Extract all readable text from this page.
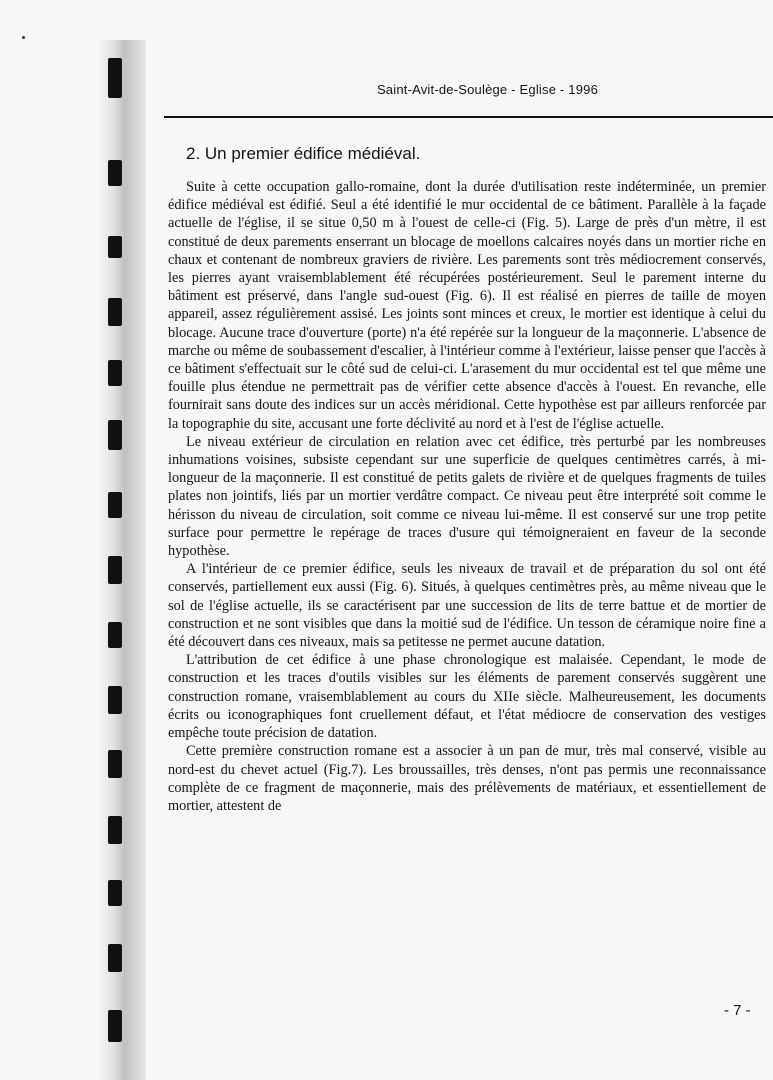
Saint-Avit-de-Soulège - Eglise - 1996
2. Un premier édifice médiéval.

Suite à cette occupation gallo-romaine, dont la durée d'utilisation reste indéterminée, un premier édifice médiéval est édifié. Seul a été identifié le mur occidental de ce bâtiment. Parallèle à la façade actuelle de l'église, il se situe 0,50 m à l'ouest de celle-ci (Fig. 5). Large de près d'un mètre, il est constitué de deux parements enserrant un blocage de moellons calcaires noyés dans un mortier riche en chaux et contenant de nombreux graviers de rivière. Les parements sont très médiocrement conservés, les pierres ayant vraisemblablement été récupérées postérieurement. Seul le parement interne du bâtiment est préservé, dans l'angle sud-ouest (Fig. 6). Il est réalisé en pierres de taille de moyen appareil, assez régulièrement assisé. Les joints sont minces et creux, le mortier est identique à celui du blocage. Aucune trace d'ouverture (porte) n'a été repérée sur la longueur de la maçonnerie. L'absence de marche ou même de soubassement d'escalier, à l'intérieur comme à l'extérieur, laisse penser que l'accès à ce bâtiment s'effectuait sur le côté sud de celui-ci. L'arasement du mur occidental est tel que même une fouille plus étendue ne permettrait pas de vérifier cette absence d'accès à l'ouest. En revanche, elle fournirait sans doute des indices sur un accès méridional. Cette hypothèse est par ailleurs renforcée par la topographie du site, accusant une forte déclivité au nord et à l'est de l'église actuelle.

Le niveau extérieur de circulation en relation avec cet édifice, très perturbé par les nombreuses inhumations voisines, subsiste cependant sur une superficie de quelques centimètres carrés, à mi-longueur de la maçonnerie. Il est constitué de petits galets de rivière et de quelques fragments de tuiles plates non jointifs, liés par un mortier verdâtre compact. Ce niveau peut être interprété soit comme le hérisson du niveau de circulation, soit comme ce niveau lui-même. Il est conservé sur une trop petite surface pour permettre le repérage de traces d'usure qui témoigneraient en faveur de la seconde hypothèse.

A l'intérieur de ce premier édifice, seuls les niveaux de travail et de préparation du sol ont été conservés, partiellement eux aussi (Fig. 6). Situés, à quelques centimètres près, au même niveau que le sol de l'église actuelle, ils se caractérisent par une succession de lits de terre battue et de mortier de construction et ne sont visibles que dans la moitié sud de l'édifice. Un tesson de céramique noire fine a été découvert dans ces niveaux, mais sa petitesse ne permet aucune datation.

L'attribution de cet édifice à une phase chronologique est malaisée. Cependant, le mode de construction et les traces d'outils visibles sur les éléments de parement conservés suggèrent une construction romane, vraisemblablement au cours du XIIe siècle. Malheureusement, les documents écrits ou iconographiques font cruellement défaut, et l'état médiocre de conservation des vestiges empêche toute précision de datation.

Cette première construction romane est a associer à un pan de mur, très mal conservé, visible au nord-est du chevet actuel (Fig.7). Les broussailles, très denses, n'ont pas permis une reconnaissance complète de ce fragment de maçonnerie, mais des prélèvements de matériaux, et essentiellement de mortier, attestent de

- 7 -
